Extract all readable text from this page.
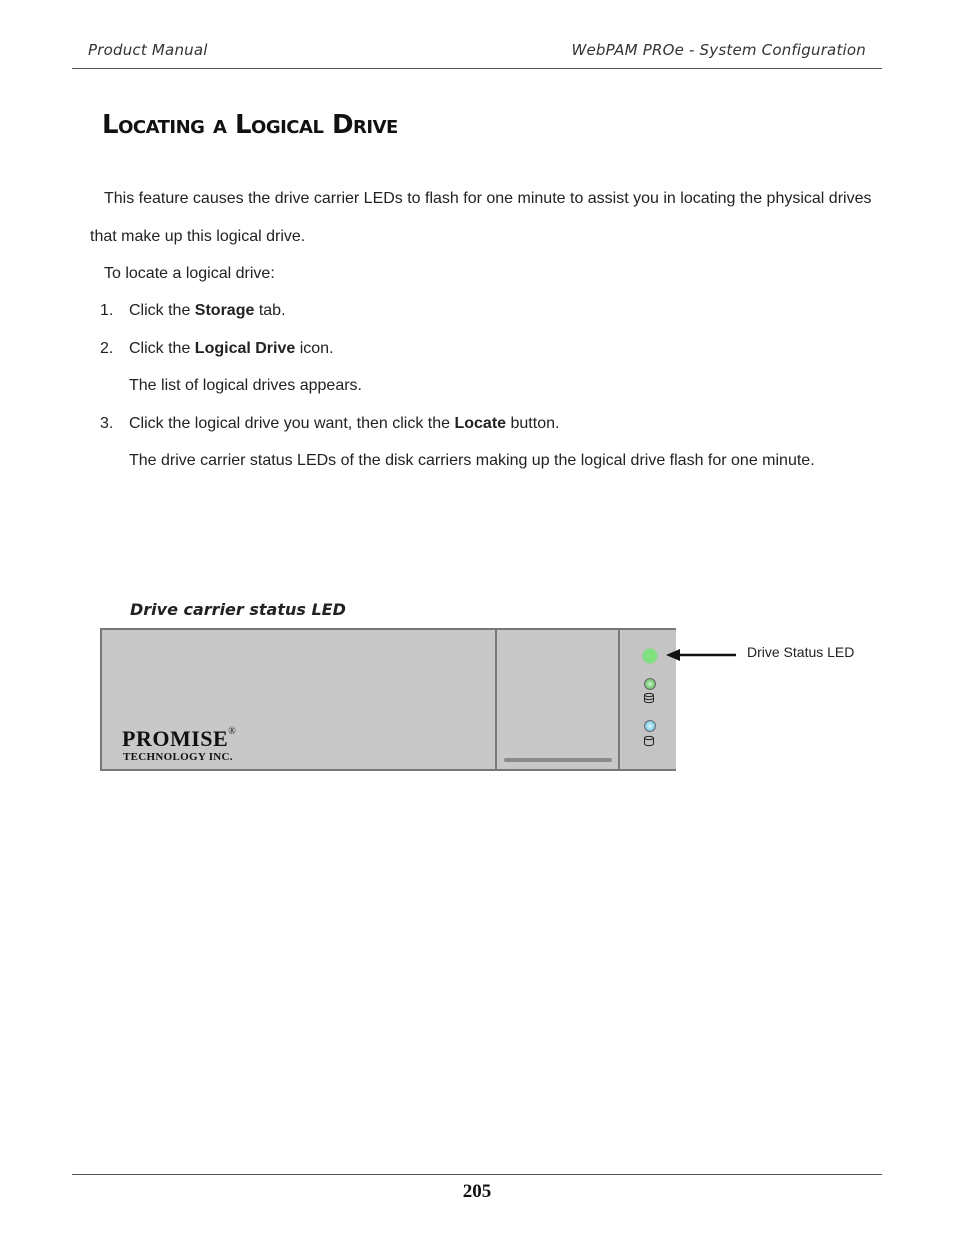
Product Manual	WebPAM PROe - System Configuration
Locating a Logical Drive
This feature causes the drive carrier LEDs to flash for one minute to assist you in locating the physical drives
that make up this logical drive.
To locate a logical drive:
1. Click the Storage tab.
2. Click the Logical Drive icon.
The list of logical drives appears.
3. Click the logical drive you want, then click the Locate button.
The drive carrier status LEDs of the disk carriers making up the logical drive flash for one minute.
Drive carrier status LED
PROMISE®
TECHNOLOGY INC.
Drive Status LED
205
